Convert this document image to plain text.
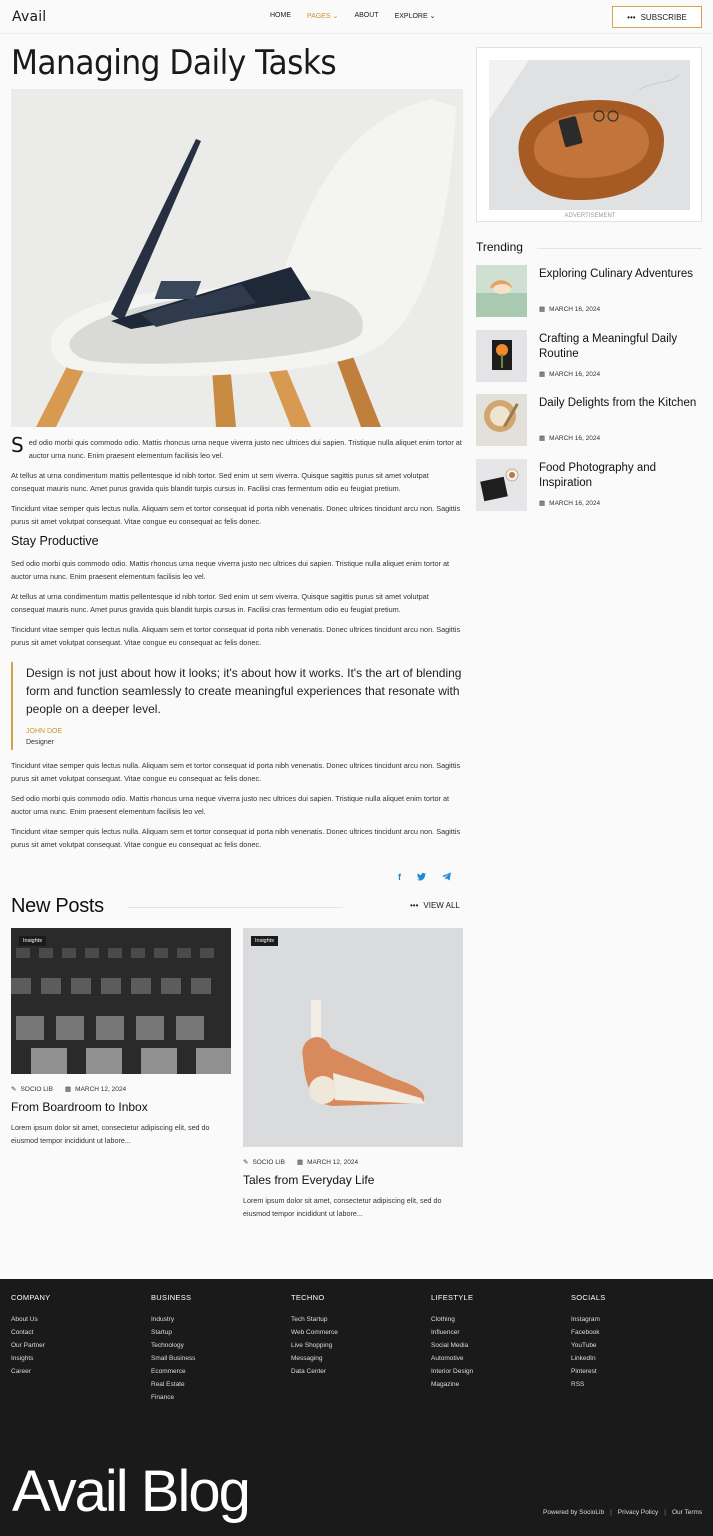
Avail	HOME PAGES ⌄ ABOUT EXPLORE ⌄	••• SUBSCRIBE
Managing Daily Tasks
Sed odio morbi quis commodo odio. Mattis rhoncus urna neque viverra justo nec ultrices dui sapien. Tristique nulla aliquet enim tortor at auctor urna nunc. Enim praesent elementum facilisis leo vel.
At tellus at urna condimentum mattis pellentesque id nibh tortor. Sed enim ut sem viverra. Quisque sagittis purus sit amet volutpat consequat mauris nunc. Amet purus gravida quis blandit turpis cursus in. Facilisi cras fermentum odio eu feugiat pretium.
Tincidunt vitae semper quis lectus nulla. Aliquam sem et tortor consequat id porta nibh venenatis. Donec ultrices tincidunt arcu non. Sagittis purus sit amet volutpat consequat. Vitae congue eu consequat ac felis donec.
Stay Productive
Sed odio morbi quis commodo odio. Mattis rhoncus urna neque viverra justo nec ultrices dui sapien. Tristique nulla aliquet enim tortor at auctor urna nunc. Enim praesent elementum facilisis leo vel.
At tellus at urna condimentum mattis pellentesque id nibh tortor. Sed enim ut sem viverra. Quisque sagittis purus sit amet volutpat consequat mauris nunc. Amet purus gravida quis blandit turpis cursus in. Facilisi cras fermentum odio eu feugiat pretium.
Tincidunt vitae semper quis lectus nulla. Aliquam sem et tortor consequat id porta nibh venenatis. Donec ultrices tincidunt arcu non. Sagittis purus sit amet volutpat consequat. Vitae congue eu consequat ac felis donec.
Design is not just about how it looks; it's about how it works. It's the art of blending form and function seamlessly to create meaningful experiences that resonate with people on a deeper level.
JOHN DOE
Designer
Tincidunt vitae semper quis lectus nulla. Aliquam sem et tortor consequat id porta nibh venenatis. Donec ultrices tincidunt arcu non. Sagittis purus sit amet volutpat consequat. Vitae congue eu consequat ac felis donec.
Sed odio morbi quis commodo odio. Mattis rhoncus urna neque viverra justo nec ultrices dui sapien. Tristique nulla aliquet enim tortor at auctor urna nunc. Enim praesent elementum facilisis leo vel.
Tincidunt vitae semper quis lectus nulla. Aliquam sem et tortor consequat id porta nibh venenatis. Donec ultrices tincidunt arcu non. Sagittis purus sit amet volutpat consequat. Vitae congue eu consequat ac felis donec.
f
ADVERTISEMENT
Trending
Exploring Culinary Adventures
▦ MARCH 16, 2024
Crafting a Meaningful Daily Routine
▦ MARCH 16, 2024
Daily Delights from the Kitchen
▦ MARCH 16, 2024
Food Photography and Inspiration
▦ MARCH 16, 2024
New Posts	••• VIEW ALL
Insights
✎ SOCIO LIB ▦ MARCH 12, 2024
From Boardroom to Inbox
Lorem ipsum dolor sit amet, consectetur adipiscing elit, sed do eiusmod tempor incididunt ut labore...
Insights
✎ SOCIO LIB ▦ MARCH 12, 2024
Tales from Everyday Life
Lorem ipsum dolor sit amet, consectetur adipiscing elit, sed do eiusmod tempor incididunt ut labore...
COMPANY
About Us
Contact
Our Partner
Insights
Career
BUSINESS
Industry
Startup
Technology
Small Business
Ecommerce
Real Estate
Finance
TECHNO
Tech Startup
Web Commerce
Live Shopping
Messaging
Data Center
LIFESTYLE
Clothing
Influencer
Social Media
Automotive
Interior Design
Magazine
SOCIALS
Instagram
Facebook
YouTube
LinkedIn
Pinterest
RSS
Avail Blog	Powered by SocioLib | Privacy Policy | Our Terms
